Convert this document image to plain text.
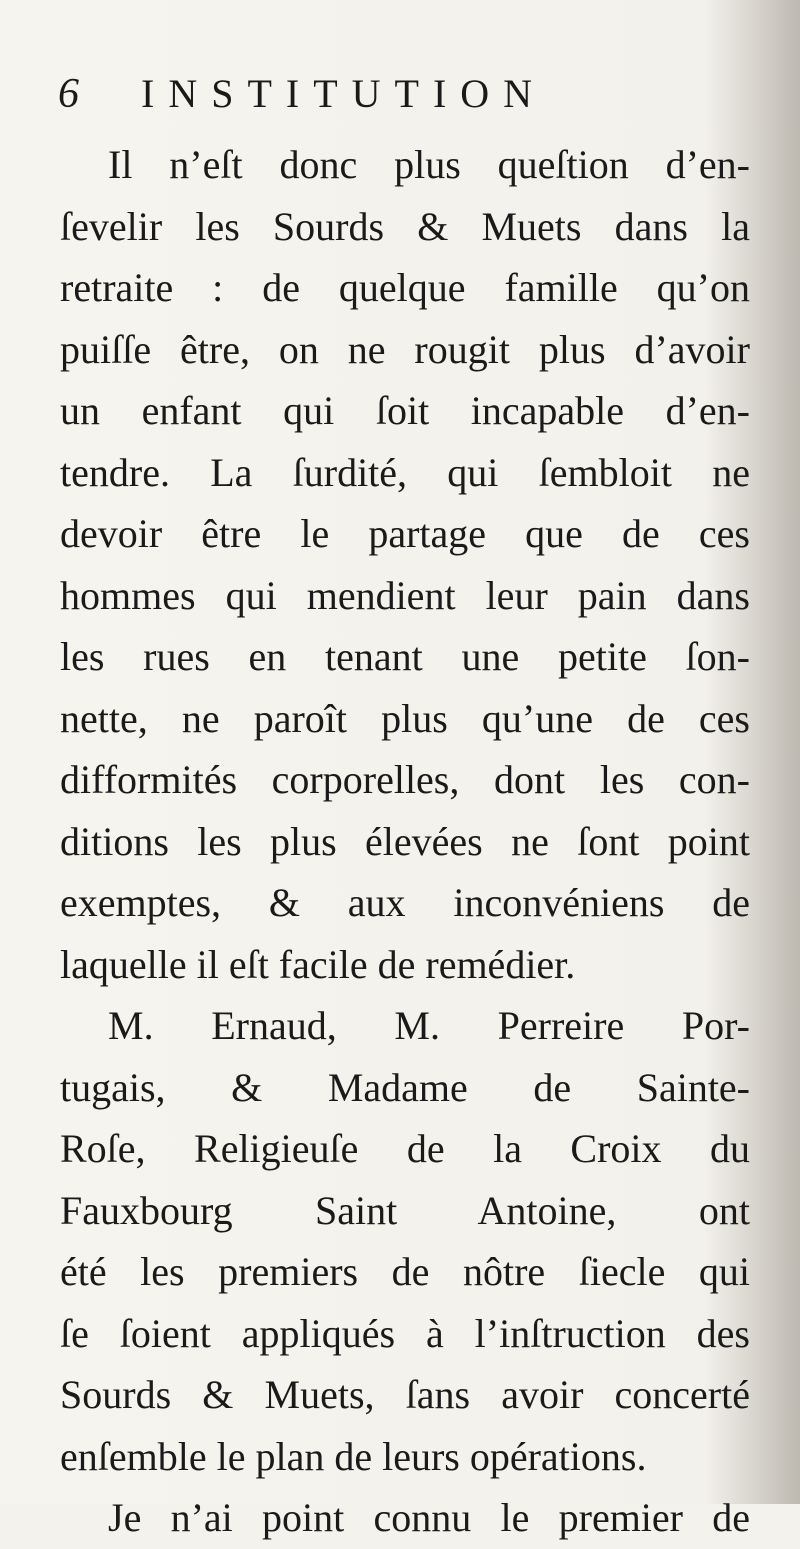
6 INSTITUTION
Il n’eſt donc plus queſtion d’en-
ſevelir les Sourds & Muets dans la
retraite : de quelque famille qu’on
puiſſe être, on ne rougit plus d’avoir
un enfant qui ſoit incapable d’en-
tendre. La ſurdité, qui ſembloit ne
devoir être le partage que de ces
hommes qui mendient leur pain dans
les rues en tenant une petite ſon-
nette, ne paroît plus qu’une de ces
difformités corporelles, dont les con-
ditions les plus élevées ne ſont point
exemptes, & aux inconvéniens de
laquelle il eſt facile de remédier.
M. Ernaud, M. Perreire Por-
tugais, & Madame de Sainte-
Roſe, Religieuſe de la Croix du
Fauxbourg Saint Antoine, ont
été les premiers de nôtre ſiecle qui
ſe ſoient appliqués à l’inſtruction des
Sourds & Muets, ſans avoir concerté
enſemble le plan de leurs opérations.
Je n’ai point connu le premier de
